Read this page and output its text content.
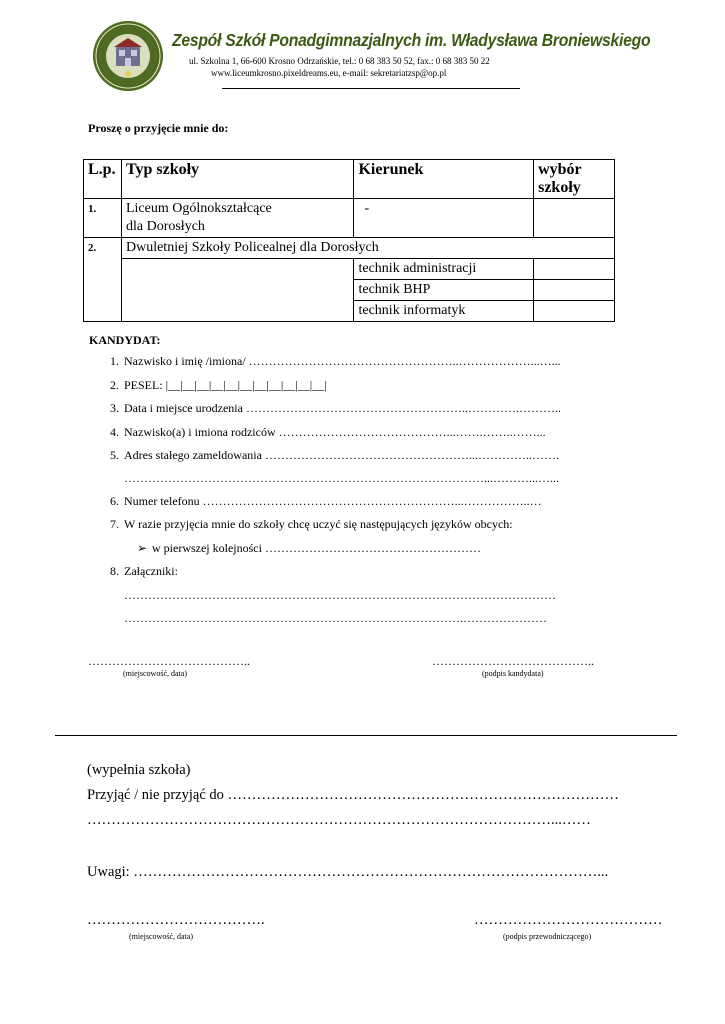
Zespół Szkół Ponadgimnazjalnych im. Władysława Broniewskiego
ul. Szkolna 1, 66-600 Krosno Odrzańskie, tel.: 0 68 383 50 52, fax.: 0 68 383 50 22
www.liceumkrosno.pixeldreams.eu, e-mail: sekretariatzsp@op.pl
Proszę o przyjęcie mnie do:
L.p.	Typ szkoły	Kierunek	wybór szkoły
1.	Liceum Ogólnokształcące
dla Dorosłych	-	
2.	Dwuletniej Szkoły Policealnej dla Dorosłych		
		technik administracji	
		technik BHP	
		technik informatyk	
KANDYDAT:
1. Nazwisko i imię /imiona/ ……………………………………………..………………...…...
2. PESEL: |__|__|__|__|__|__|__|__|__|__|__|
3. Data i miejsce urodzenia ………………………………………………..………….………..
4. Nazwisko(a) i imiona rodziców ……………………………………...…….……..……...
5. Adres stałego zameldowania ……………………………………………...…………..…….
………………………………………………………………………………...………...…...
6. Numer telefonu ………………………………………………………...……………..…
7. W razie przyjęcia mnie do szkoły chcę uczyć się następujących języków obcych:
➢ w pierwszej kolejności ………………………………………………
8. Załączniki:
………………………………………………………………………………………………
………………………………………………………………………….…………………
…………………………………..
(miejscowość, data)
…………………………………..
(podpis kandydata)
(wypełnia szkoła)
Przyjąć / nie przyjąć do ………………………………………………………………………
……………………………………………………………………………………...……
Uwagi: ……………………………………………………………………………………...
……………………………….
(miejscowość, data)
…………………………………
(podpis przewodniczącego)
